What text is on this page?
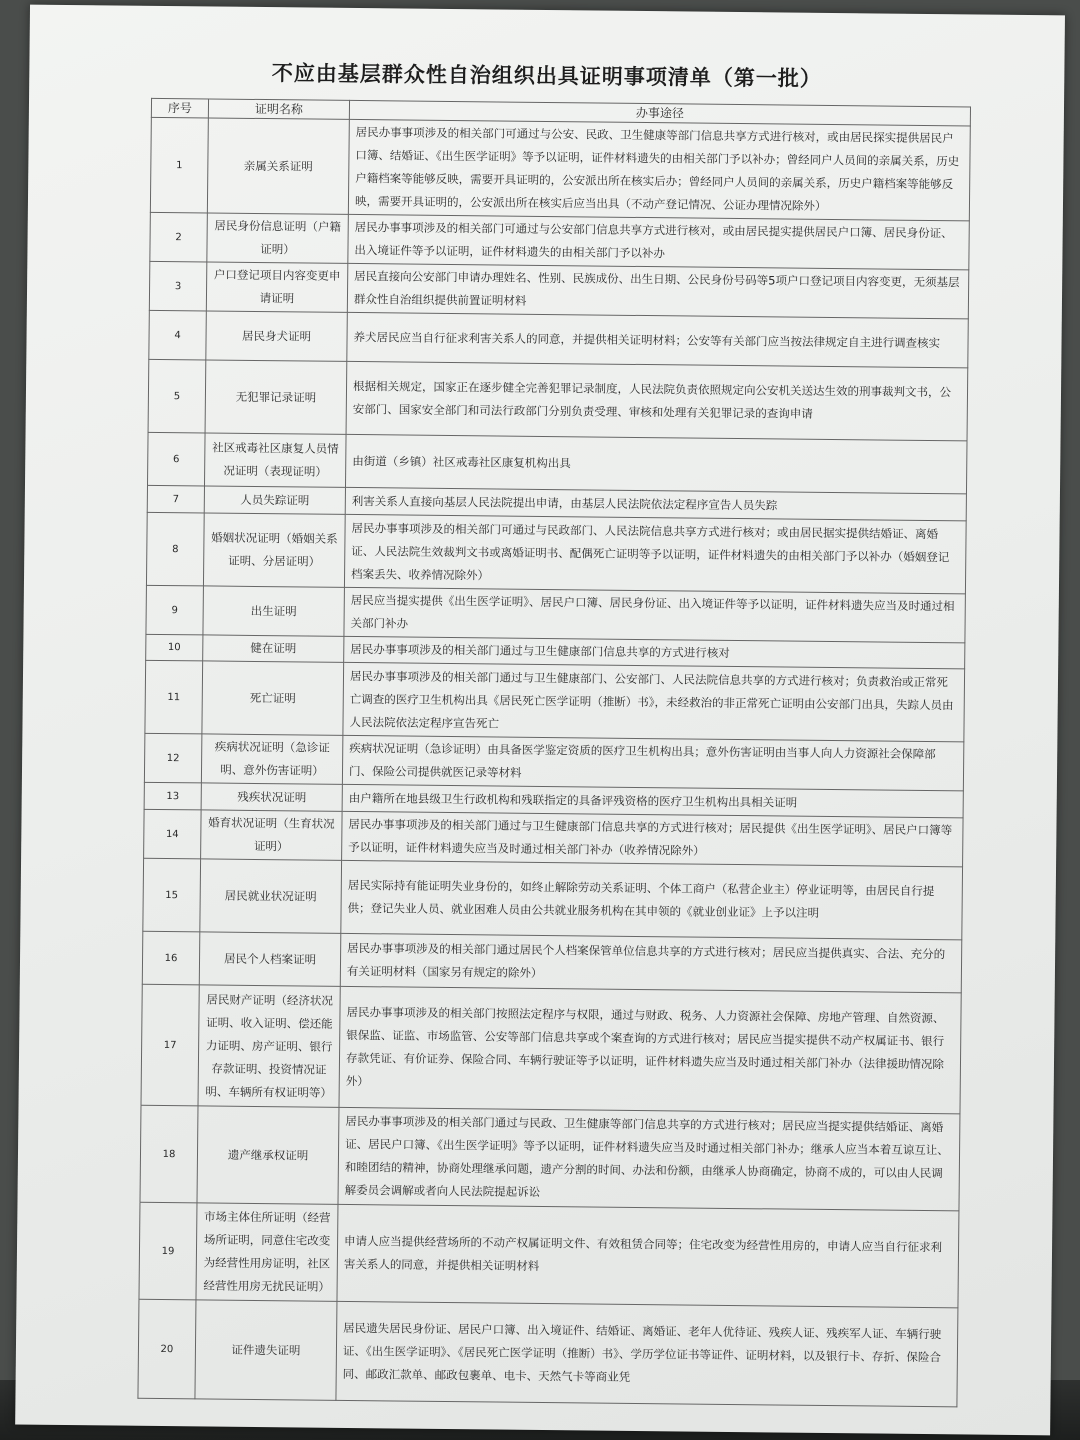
不应由基层群众性自治组织出具证明事项清单（第一批）
序号	证明名称	办事途径
1	亲属关系证明	居民办事事项涉及的相关部门可通过与公安、民政、卫生健康等部门信息共享方式进行核对，或由居民探实提供居民户口簿、结婚证、《出生医学证明》等予以证明，证件材料遗失的由相关部门予以补办；曾经同户人员间的亲属关系，历史户籍档案等能够反映，需要开具证明的，公安派出所在核实后办；曾经同户人员间的亲属关系，历史户籍档案等能够反映，需要开具证明的，公安派出所在核实后应当出具（不动产登记情况、公证办理情况除外）
2	居民身份信息证明（户籍证明）	居民办事事项涉及的相关部门可通过与公安部门信息共享方式进行核对，或由居民提实提供居民户口簿、居民身份证、出入境证件等予以证明，证件材料遗失的由相关部门予以补办
3	户口登记项目内容变更申请证明	居民直接向公安部门申请办理姓名、性别、民族成份、出生日期、公民身份号码等5项户口登记项目内容变更，无须基层群众性自治组织提供前置证明材料
4	居民身犬证明	养犬居民应当自行征求利害关系人的同意，并提供相关证明材料；公安等有关部门应当按法律规定自主进行调查核实
5	无犯罪记录证明	根据相关规定，国家正在逐步健全完善犯罪记录制度，人民法院负责依照规定向公安机关送达生效的刑事裁判文书，公安部门、国家安全部门和司法行政部门分别负责受理、审核和处理有关犯罪记录的查询申请
6	社区戒毒社区康复人员情况证明（表现证明）	由街道（乡镇）社区戒毒社区康复机构出具
7	人员失踪证明	利害关系人直接向基层人民法院提出申请，由基层人民法院依法定程序宣告人员失踪
8	婚姻状况证明（婚姻关系证明、分居证明）	居民办事事项涉及的相关部门可通过与民政部门、人民法院信息共享方式进行核对；或由居民据实提供结婚证、离婚证、人民法院生效裁判文书或离婚证明书、配偶死亡证明等予以证明，证件材料遗失的由相关部门予以补办（婚姻登记档案丢失、收养情况除外）
9	出生证明	居民应当提实提供《出生医学证明》、居民户口簿、居民身份证、出入境证件等予以证明，证件材料遗失应当及时通过相关部门补办
10	健在证明	居民办事事项涉及的相关部门通过与卫生健康部门信息共享的方式进行核对
11	死亡证明	居民办事事项涉及的相关部门通过与卫生健康部门、公安部门、人民法院信息共享的方式进行核对；负责救治或正常死亡调查的医疗卫生机构出具《居民死亡医学证明（推断）书》，未经救治的非正常死亡证明由公安部门出具，失踪人员由人民法院依法定程序宣告死亡
12	疾病状况证明（急诊证明、意外伤害证明）	疾病状况证明（急诊证明）由具备医学鉴定资质的医疗卫生机构出具；意外伤害证明由当事人向人力资源社会保障部门、保险公司提供就医记录等材料
13	残疾状况证明	由户籍所在地县级卫生行政机构和残联指定的具备评残资格的医疗卫生机构出具相关证明
14	婚育状况证明（生育状况证明）	居民办事事项涉及的相关部门通过与卫生健康部门信息共享的方式进行核对；居民提供《出生医学证明》、居民户口簿等予以证明，证件材料遗失应当及时通过相关部门补办（收养情况除外）
15	居民就业状况证明	居民实际持有能证明失业身份的，如终止解除劳动关系证明、个体工商户（私营企业主）停业证明等，由居民自行提供；登记失业人员、就业困难人员由公共就业服务机构在其申领的《就业创业证》上予以注明
16	居民个人档案证明	居民办事事项涉及的相关部门通过居民个人档案保管单位信息共享的方式进行核对；居民应当提供真实、合法、充分的有关证明材料（国家另有规定的除外）
17	居民财产证明（经济状况证明、收入证明、偿还能力证明、房产证明、银行存款证明、投资情况证明、车辆所有权证明等）	居民办事事项涉及的相关部门按照法定程序与权限，通过与财政、税务、人力资源社会保障、房地产管理、自然资源、银保监、证监、市场监管、公安等部门信息共享或个案查询的方式进行核对；居民应当提实提供不动产权属证书、银行存款凭证、有价证券、保险合同、车辆行驶证等予以证明，证件材料遗失应当及时通过相关部门补办（法律援助情况除外）
18	遗产继承权证明	居民办事事项涉及的相关部门通过与民政、卫生健康等部门信息共享的方式进行核对；居民应当提实提供结婚证、离婚证、居民户口簿、《出生医学证明》等予以证明，证件材料遗失应当及时通过相关部门补办；继承人应当本着互谅互让、和睦团结的精神，协商处理继承问题，遗产分割的时间、办法和份额，由继承人协商确定，协商不成的，可以由人民调解委员会调解或者向人民法院提起诉讼
19	市场主体住所证明（经营场所证明，同意住宅改变为经营性用房证明，社区经营性用房无扰民证明）	申请人应当提供经营场所的不动产权属证明文件、有效租赁合同等；住宅改变为经营性用房的，申请人应当自行征求利害关系人的同意，并提供相关证明材料
20	证件遗失证明	居民遗失居民身份证、居民户口簿、出入境证件、结婚证、离婚证、老年人优待证、残疾人证、残疾军人证、车辆行驶证、《出生医学证明》、《居民死亡医学证明（推断）书》、学历学位证书等证件、证明材料，以及银行卡、存折、保险合同、邮政汇款单、邮政包裹单、电卡、天然气卡等商业凭
